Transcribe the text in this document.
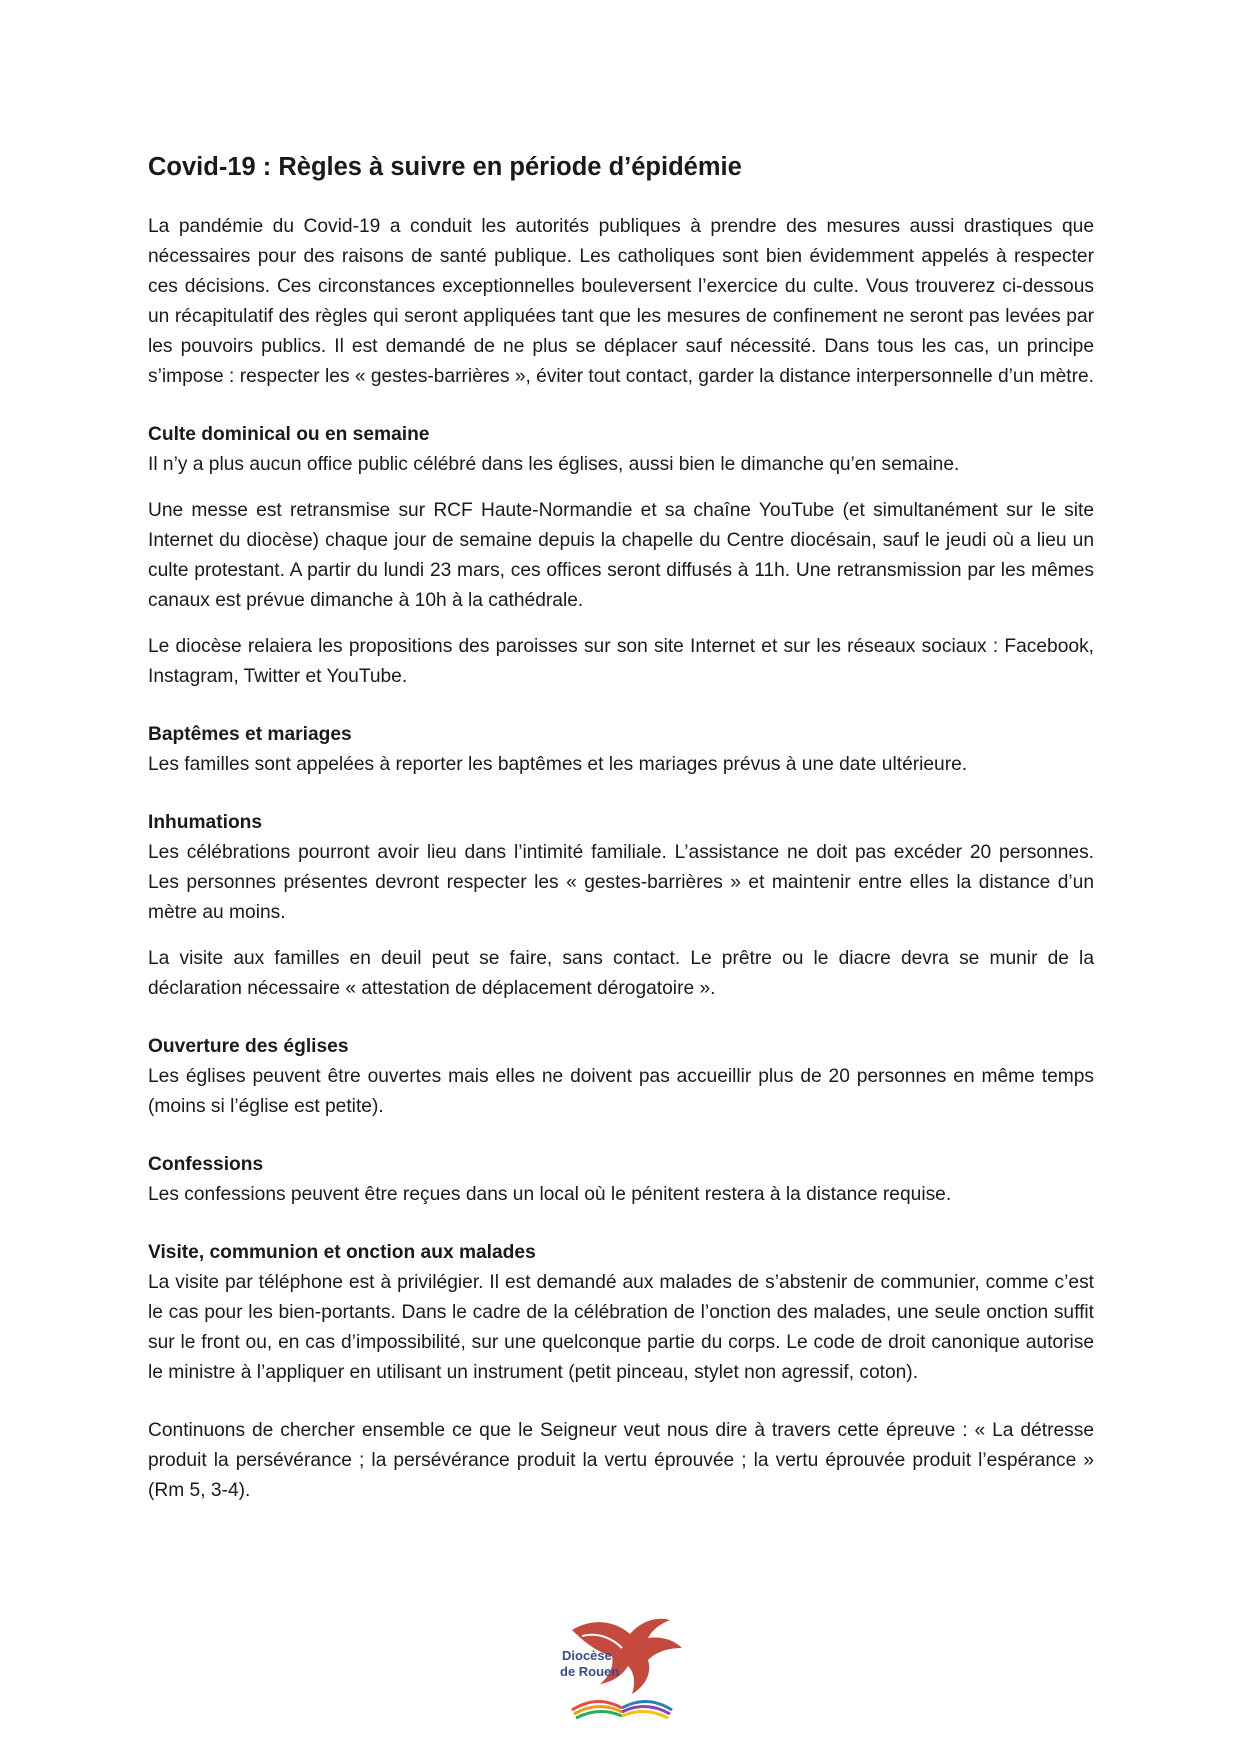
Covid-19 : Règles à suivre en période d’épidémie

La pandémie du Covid-19 a conduit les autorités publiques à prendre des mesures aussi drastiques que nécessaires pour des raisons de santé publique. Les catholiques sont bien évidemment appelés à respecter ces décisions. Ces circonstances exceptionnelles bouleversent l’exercice du culte. Vous trouverez ci-dessous un récapitulatif des règles qui seront appliquées tant que les mesures de confinement ne seront pas levées par les pouvoirs publics. Il est demandé de ne plus se déplacer sauf nécessité. Dans tous les cas, un principe s’impose : respecter les « gestes-barrières », éviter tout contact, garder la distance interpersonnelle d’un mètre.

Culte dominical ou en semaine

Il n’y a plus aucun office public célébré dans les églises, aussi bien le dimanche qu’en semaine.

Une messe est retransmise sur RCF Haute-Normandie et sa chaîne YouTube (et simultanément sur le site Internet du diocèse) chaque jour de semaine depuis la chapelle du Centre diocésain, sauf le jeudi où a lieu un culte protestant. A partir du lundi 23 mars, ces offices seront diffusés à 11h. Une retransmission par les mêmes canaux est prévue dimanche à 10h à la cathédrale.

Le diocèse relaiera les propositions des paroisses sur son site Internet et sur les réseaux sociaux : Facebook, Instagram, Twitter et YouTube.

Baptêmes et mariages

Les familles sont appelées à reporter les baptêmes et les mariages prévus à une date ultérieure.

Inhumations

Les célébrations pourront avoir lieu dans l’intimité familiale. L’assistance ne doit pas excéder 20 personnes. Les personnes présentes devront respecter les « gestes-barrières » et maintenir entre elles la distance d’un mètre au moins.

La visite aux familles en deuil peut se faire, sans contact. Le prêtre ou le diacre devra se munir de la déclaration nécessaire « attestation de déplacement dérogatoire ».

Ouverture des églises

Les églises peuvent être ouvertes mais elles ne doivent pas accueillir plus de 20 personnes en même temps (moins si l’église est petite).

Confessions

Les confessions peuvent être reçues dans un local où le pénitent restera à la distance requise.

Visite, communion et onction aux malades

La visite par téléphone est à privilégier. Il est demandé aux malades de s’abstenir de communier, comme c’est le cas pour les bien-portants. Dans le cadre de la célébration de l’onction des malades, une seule onction suffit sur le front ou, en cas d’impossibilité, sur une quelconque partie du corps. Le code de droit canonique autorise le ministre à l’appliquer en utilisant un instrument (petit pinceau, stylet non agressif, coton).

Continuons de chercher ensemble ce que le Seigneur veut nous dire à travers cette épreuve : « La détresse produit la persévérance ; la persévérance produit la vertu éprouvée ; la vertu éprouvée produit l’espérance » (Rm 5, 3-4).

Diocèse
de Rouen
